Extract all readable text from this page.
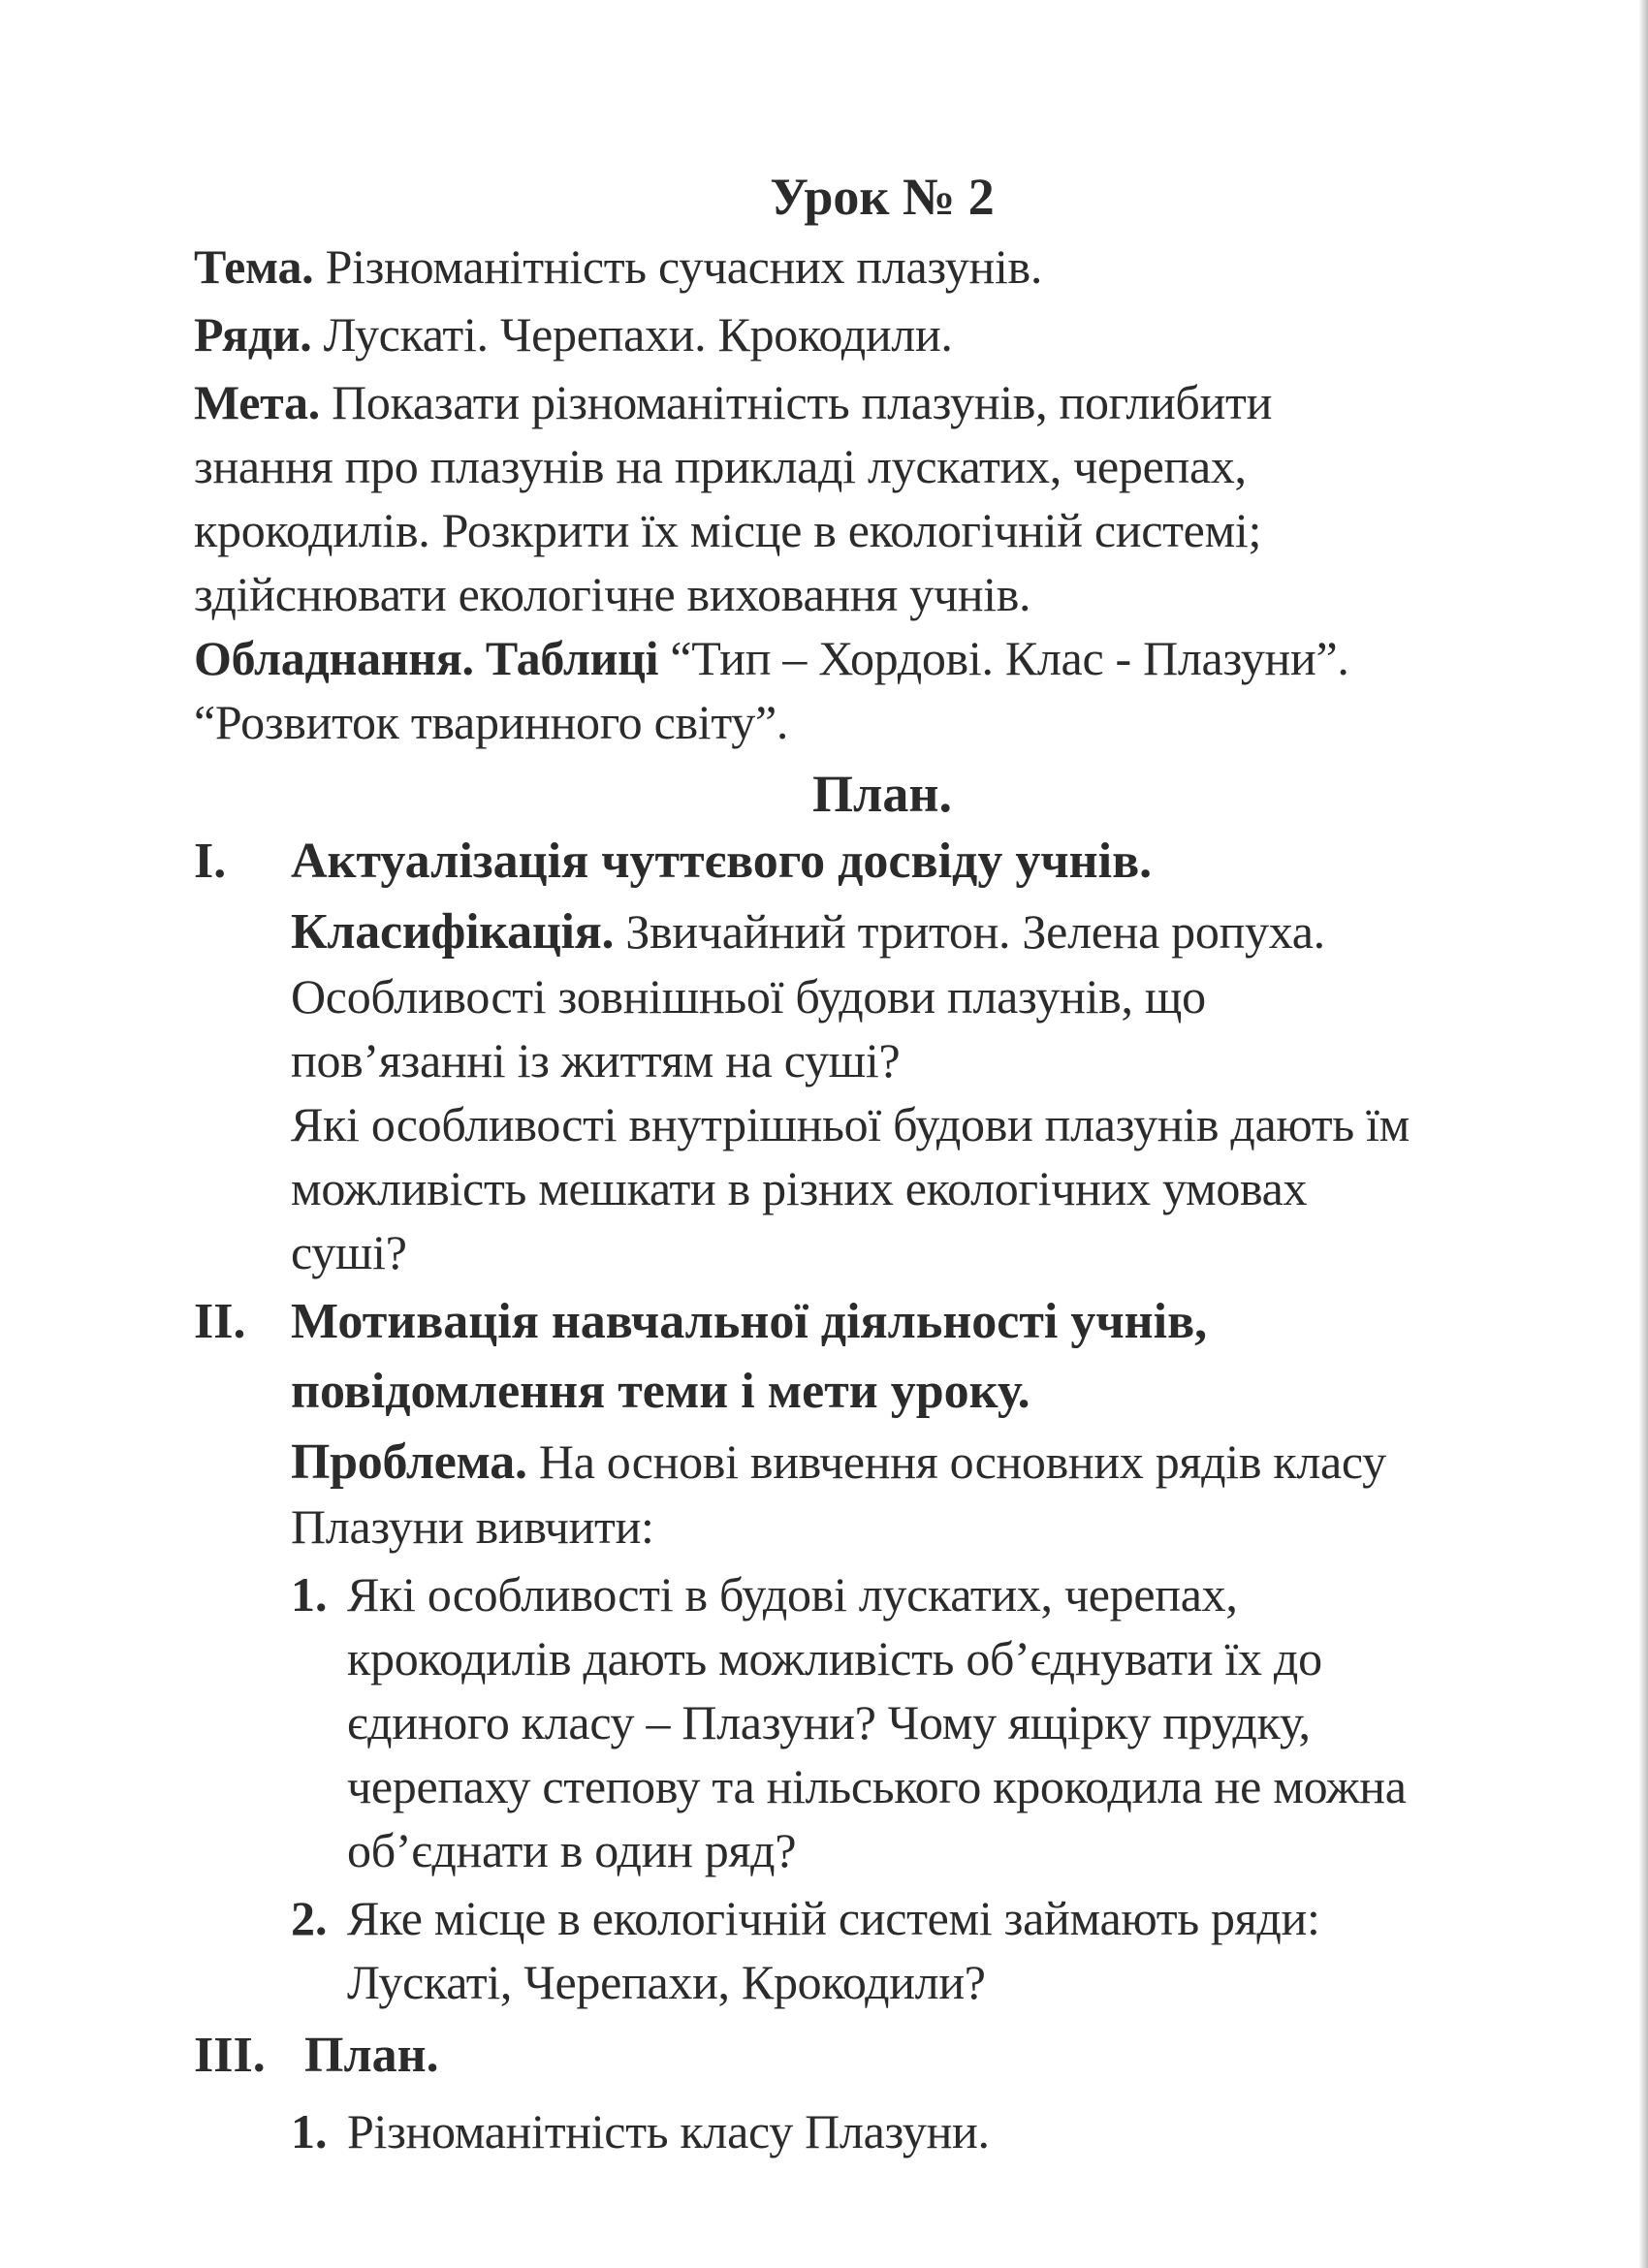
Урок № 2
Тема. Різноманітність сучасних плазунів.
Ряди. Лускаті. Черепахи. Крокодили.
Мета. Показати різноманітність плазунів, поглибити
знання про плазунів на прикладі лускатих, черепах,
крокодилів. Розкрити їх місце в екологічній системі;
здійснювати екологічне виховання учнів.
Обладнання. Таблиці “Тип – Хордові. Клас - Плазуни”.
“Розвиток тваринного світу”.
План.
I. Актуалізація чуттєвого досвіду учнів.
Класифікація. Звичайний тритон. Зелена ропуха.
Особливості зовнішньої будови плазунів, що
пов’язанні із життям на суші?
Які особливості внутрішньої будови плазунів дають їм
можливість мешкати в різних екологічних умовах
суші?
II. Мотивація навчальної діяльності учнів,
повідомлення теми і мети уроку.
Проблема. На основі вивчення основних рядів класу
Плазуни вивчити:
1. Які особливості в будові лускатих, черепах,
крокодилів дають можливість об’єднувати їх до
єдиного класу – Плазуни? Чому ящірку прудку,
черепаху степову та нільського крокодила не можна
об’єднати в один ряд?
2. Яке місце в екологічній системі займають ряди:
Лускаті, Черепахи, Крокодили?
III. План.
1. Різноманітність класу Плазуни.
